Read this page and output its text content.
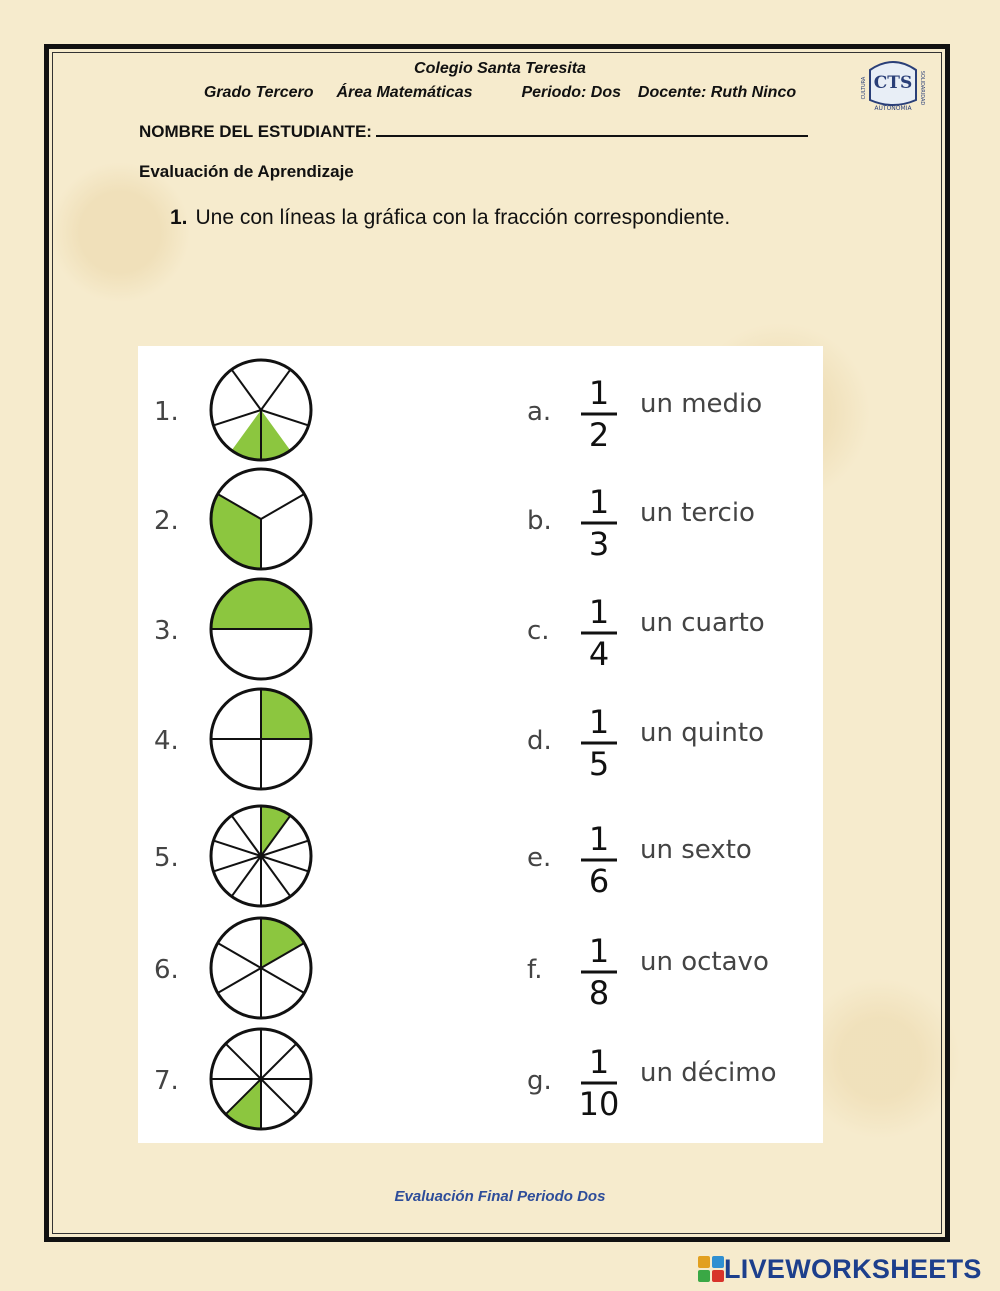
Colegio Santa Teresita
Grado Tercero Área Matemáticas	Periodo: Dos Docente: Ruth Ninco	CTS
AUTONOMIA
SOLIDARIDAD
CULTURA
NOMBRE DEL ESTUDIANTE:
Evaluación de Aprendizaje
1. Une con líneas la gráfica con la fracción correspondiente.
1.
2.
3.
4.
5.
6.
7.
a. 1
2
un medio
b. 1
3
un tercio
c. 1
4
un cuarto
d. 1
5
un quinto
e. 1
6
un sexto
f. 1
8
un octavo
g. 1
10
un décimo
Evaluación Final Periodo Dos
LIVEWORKSHEETS
